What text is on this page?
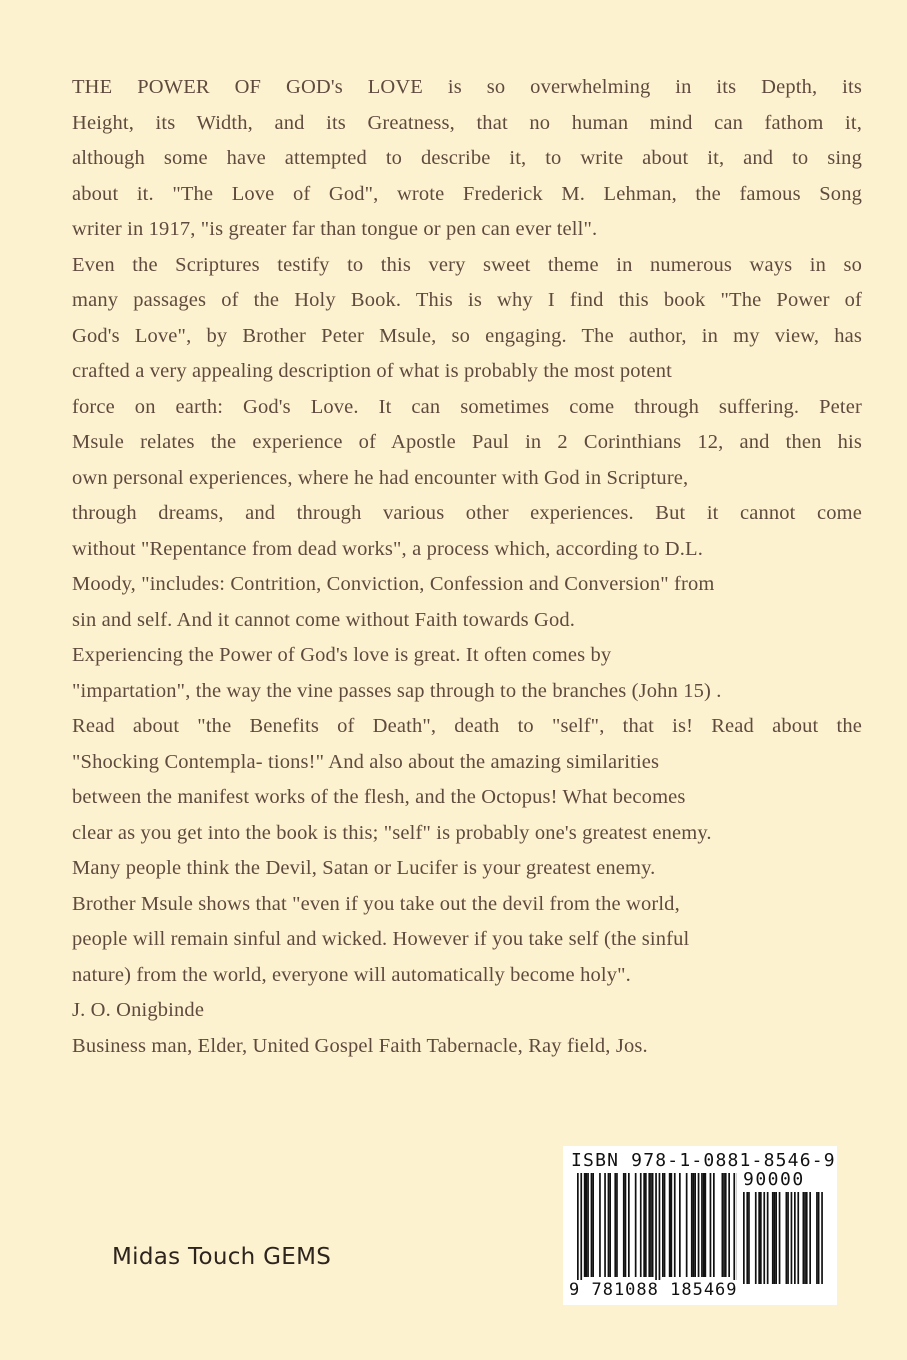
THE POWER OF GOD's LOVE is so overwhelming in its Depth, its
Height, its Width, and its Greatness, that no human mind can fathom it,
although some have attempted to describe it, to write about it, and to sing
about it. "The Love of God", wrote Frederick M. Lehman, the famous Song
writer in 1917, "is greater far than tongue or pen can ever tell".
Even the Scriptures testify to this very sweet theme in numerous ways in so
many passages of the Holy Book. This is why I find this book "The Power of
God's Love", by Brother Peter Msule, so engaging. The author, in my view, has
crafted a very appealing description of what is probably the most potent
force on earth: God's Love. It can sometimes come through suffering. Peter
Msule relates the experience of Apostle Paul in 2 Corinthians 12, and then his
own personal experiences, where he had encounter with God in Scripture,
through dreams, and through various other experiences. But it cannot come
without "Repentance from dead works", a process which, according to D.L.
Moody, "includes: Contrition, Conviction, Confession and Conversion" from
sin and self. And it cannot come without Faith towards God.
Experiencing the Power of God's love is great. It often comes by
"impartation", the way the vine passes sap through to the branches (John 15) .
Read about "the Benefits of Death", death to "self", that is! Read about the
"Shocking Contempla- tions!" And also about the amazing similarities
between the manifest works of the flesh, and the Octopus! What becomes
clear as you get into the book is this; "self" is probably one's greatest enemy.
Many people think the Devil, Satan or Lucifer is your greatest enemy.
Brother Msule shows that "even if you take out the devil from the world,
people will remain sinful and wicked. However if you take self (the sinful
nature) from the world, everyone will automatically become holy".
J. O. Onigbinde
Business man, Elder, United Gospel Faith Tabernacle, Ray field, Jos.
Midas Touch GEMS
ISBN 978-1-0881-8546-9
90000
9 781088 185469
